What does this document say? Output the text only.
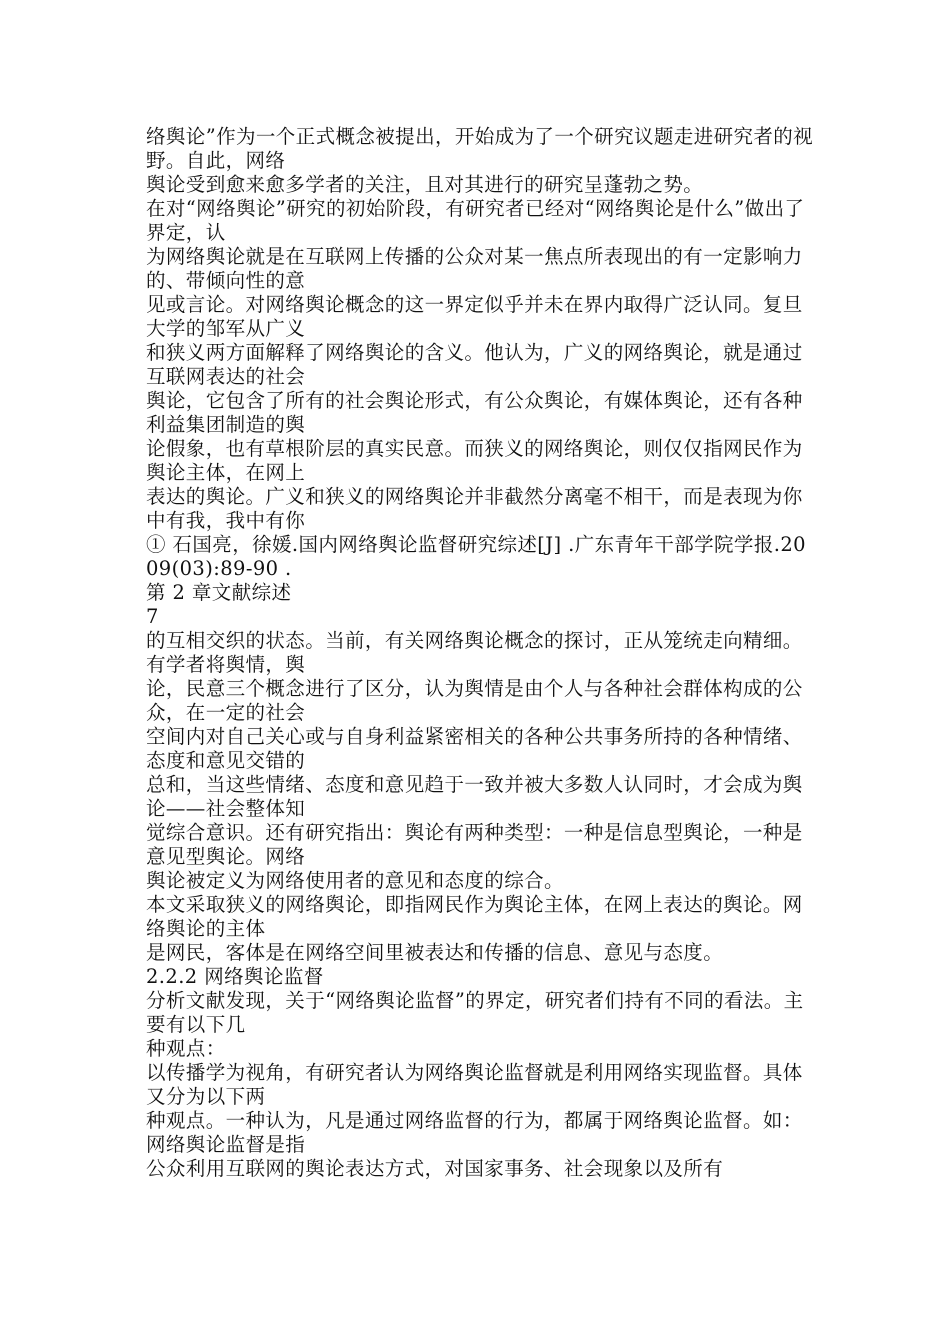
络舆论”作为一个正式概念被提出，开始成为了一个研究议题走进研究者的视野。自此，网络

舆论受到愈来愈多学者的关注，且对其进行的研究呈蓬勃之势。

在对“网络舆论”研究的初始阶段，有研究者已经对“网络舆论是什么”做出了界定，认

为网络舆论就是在互联网上传播的公众对某一焦点所表现出的有一定影响力的、带倾向性的意

见或言论。对网络舆论概念的这一界定似乎并未在界内取得广泛认同。复旦大学的邹军从广义

和狭义两方面解释了网络舆论的含义。他认为，广义的网络舆论，就是通过互联网表达的社会

舆论，它包含了所有的社会舆论形式，有公众舆论，有媒体舆论，还有各种利益集团制造的舆

论假象，也有草根阶层的真实民意。而狭义的网络舆论，则仅仅指网民作为舆论主体，在网上

表达的舆论。广义和狭义的网络舆论并非截然分离毫不相干，而是表现为你中有我，我中有你

① 石国亮，徐媛.国内网络舆论监督研究综述[J] .广东青年干部学院学报.2009(03):89-90 .

第 2 章文献综述

7

的互相交织的状态。当前，有关网络舆论概念的探讨，正从笼统走向精细。有学者将舆情，舆

论，民意三个概念进行了区分，认为舆情是由个人与各种社会群体构成的公众，在一定的社会

空间内对自己关心或与自身利益紧密相关的各种公共事务所持的各种情绪、态度和意见交错的

总和，当这些情绪、态度和意见趋于一致并被大多数人认同时，才会成为舆论——社会整体知

觉综合意识。还有研究指出：舆论有两种类型：一种是信息型舆论，一种是意见型舆论。网络

舆论被定义为网络使用者的意见和态度的综合。

本文采取狭义的网络舆论，即指网民作为舆论主体，在网上表达的舆论。网络舆论的主体

是网民，客体是在网络空间里被表达和传播的信息、意见与态度。

2.2.2 网络舆论监督

分析文献发现，关于“网络舆论监督”的界定，研究者们持有不同的看法。主要有以下几

种观点：

以传播学为视角，有研究者认为网络舆论监督就是利用网络实现监督。具体又分为以下两

种观点。一种认为，凡是通过网络监督的行为，都属于网络舆论监督。如：网络舆论监督是指

公众利用互联网的舆论表达方式，对国家事务、社会现象以及所有
